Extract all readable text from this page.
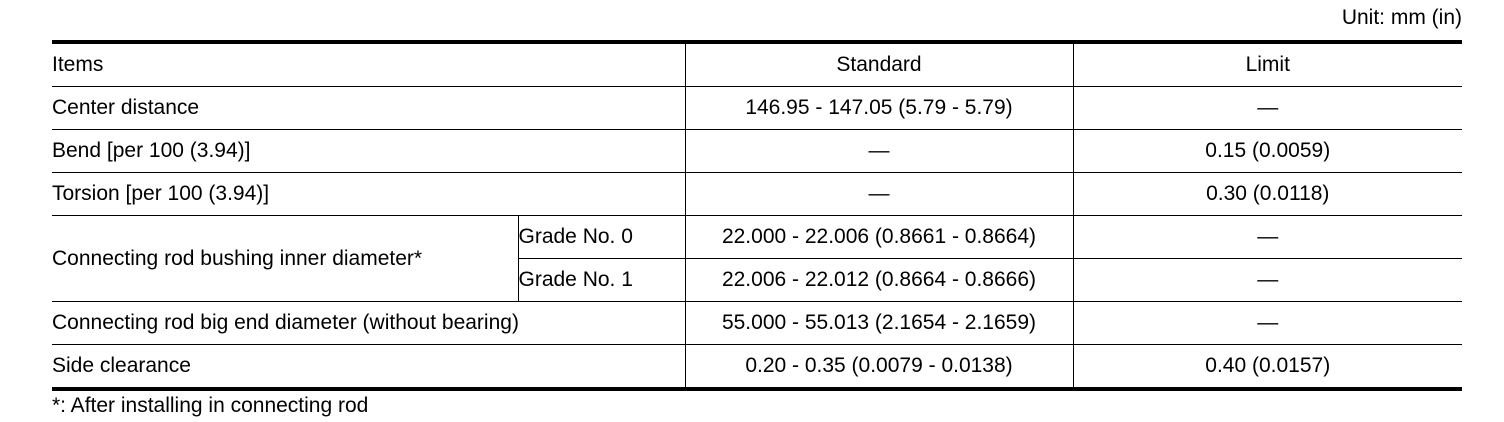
Unit: mm (in)
Items		Standard	Limit
Center distance		146.95 - 147.05 (5.79 - 5.79)	—
Bend [per 100 (3.94)]		—	0.15 (0.0059)
Torsion [per 100 (3.94)]		—	0.30 (0.0118)
Connecting rod bushing inner diameter*	Grade No. 0	22.000 - 22.006 (0.8661 - 0.8664)	—
	Grade No. 1	22.006 - 22.012 (0.8664 - 0.8666)	—
Connecting rod big end diameter (without bearing)		55.000 - 55.013 (2.1654 - 2.1659)	—
Side clearance		0.20 - 0.35 (0.0079 - 0.0138)	0.40 (0.0157)
*: After installing in connecting rod
